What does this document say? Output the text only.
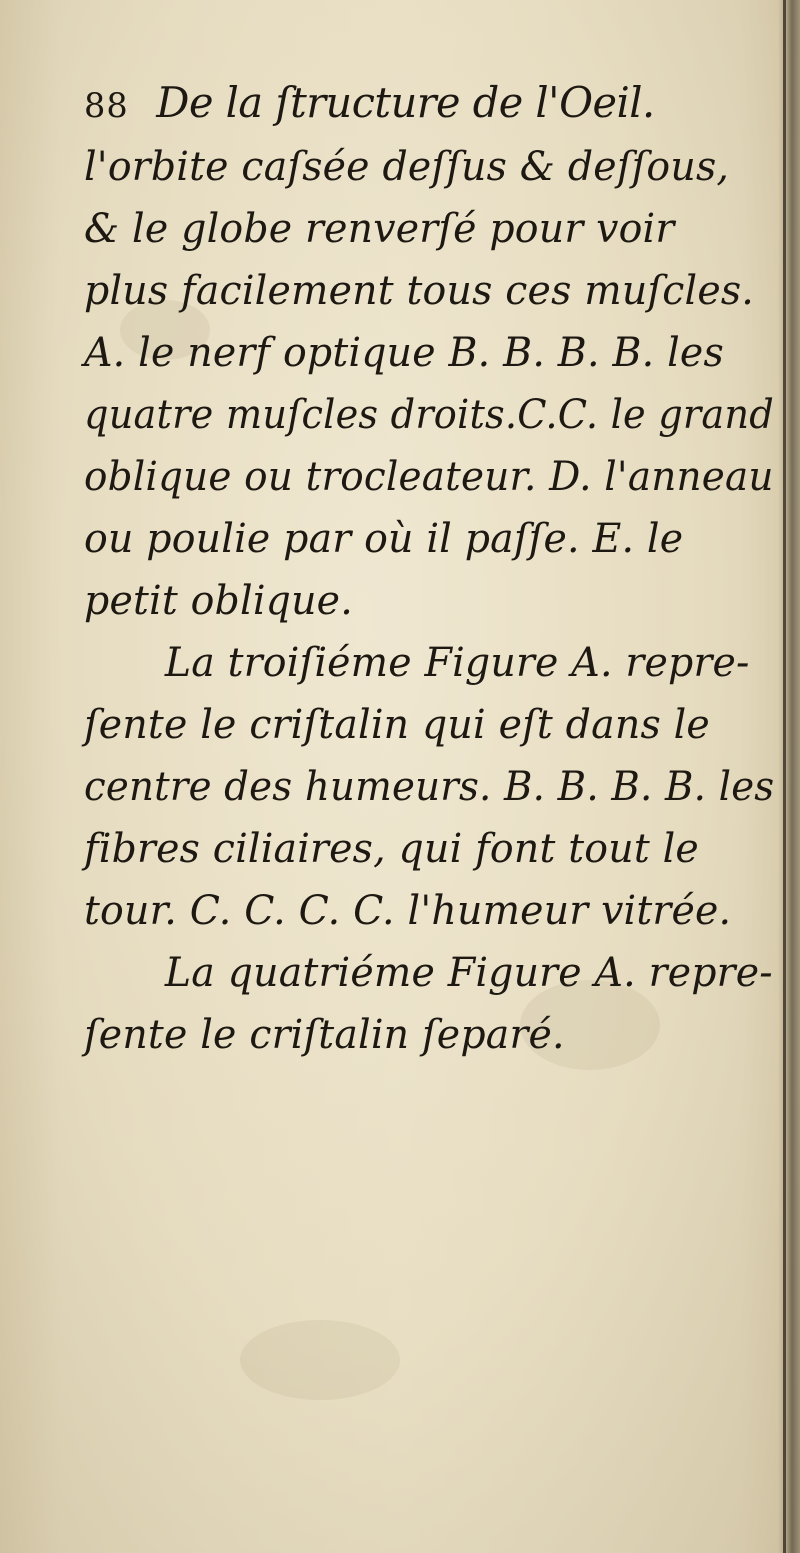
88 De la ſtructure de l'Oeil.
l'orbite caſsée deſſus & deſſous,
& le globe renverſé pour voir
plus facilement tous ces muſcles.
A. le nerf optique B. B. B. B. les
quatre muſcles droits.C.C. le grand
oblique ou trocleateur. D. l'anneau
ou poulie par où il paſſe. E. le
petit oblique.
La troiſiéme Figure A. repre-
ſente le criſtalin qui eſt dans le
centre des humeurs. B. B. B. B. les
fibres ciliaires, qui font tout le
tour. C. C. C. C. l'humeur vitrée.
La quatriéme Figure A. repre-
ſente le criſtalin ſeparé.
